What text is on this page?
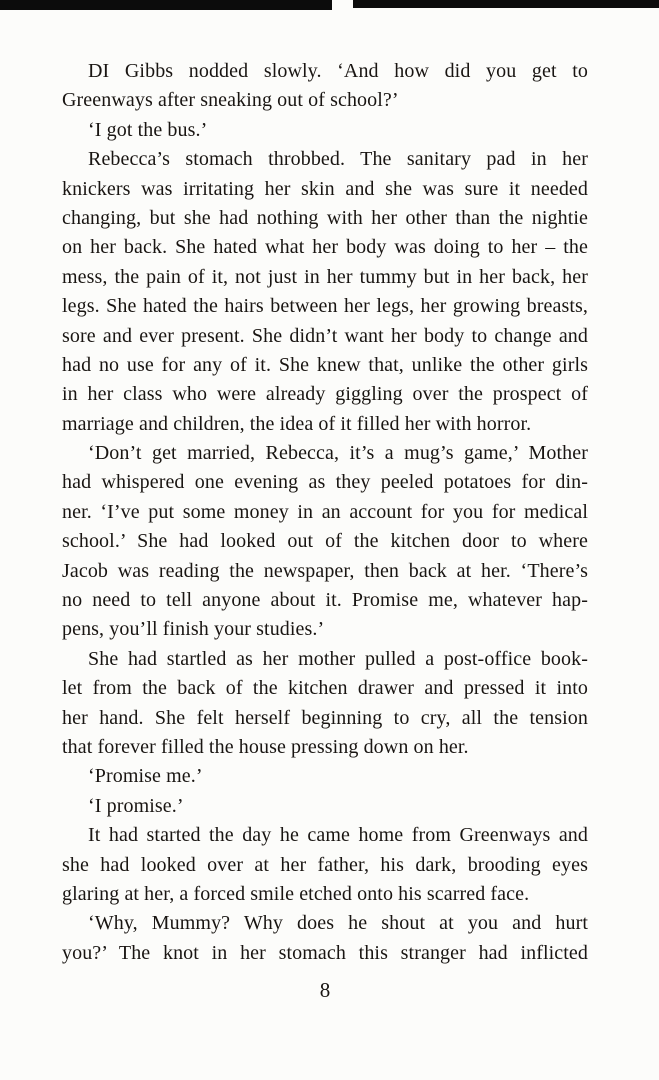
DI Gibbs nodded slowly. ‘And how did you get to
Greenways after sneaking out of school?’
‘I got the bus.’
Rebecca’s stomach throbbed. The sanitary pad in her
knickers was irritating her skin and she was sure it needed
changing, but she had nothing with her other than the nightie
on her back. She hated what her body was doing to her – the
mess, the pain of it, not just in her tummy but in her back, her
legs. She hated the hairs between her legs, her growing breasts,
sore and ever present. She didn’t want her body to change and
had no use for any of it. She knew that, unlike the other girls
in her class who were already giggling over the prospect of
marriage and children, the idea of it filled her with horror.
‘Don’t get married, Rebecca, it’s a mug’s game,’ Mother
had whispered one evening as they peeled potatoes for din-
ner. ‘I’ve put some money in an account for you for medical
school.’ She had looked out of the kitchen door to where
Jacob was reading the newspaper, then back at her. ‘There’s
no need to tell anyone about it. Promise me, whatever hap-
pens, you’ll finish your studies.’
She had startled as her mother pulled a post-office book-
let from the back of the kitchen drawer and pressed it into
her hand. She felt herself beginning to cry, all the tension
that forever filled the house pressing down on her.
‘Promise me.’
‘I promise.’
It had started the day he came home from Greenways and
she had looked over at her father, his dark, brooding eyes
glaring at her, a forced smile etched onto his scarred face.
‘Why, Mummy? Why does he shout at you and hurt
you?’ The knot in her stomach this stranger had inflicted
8
